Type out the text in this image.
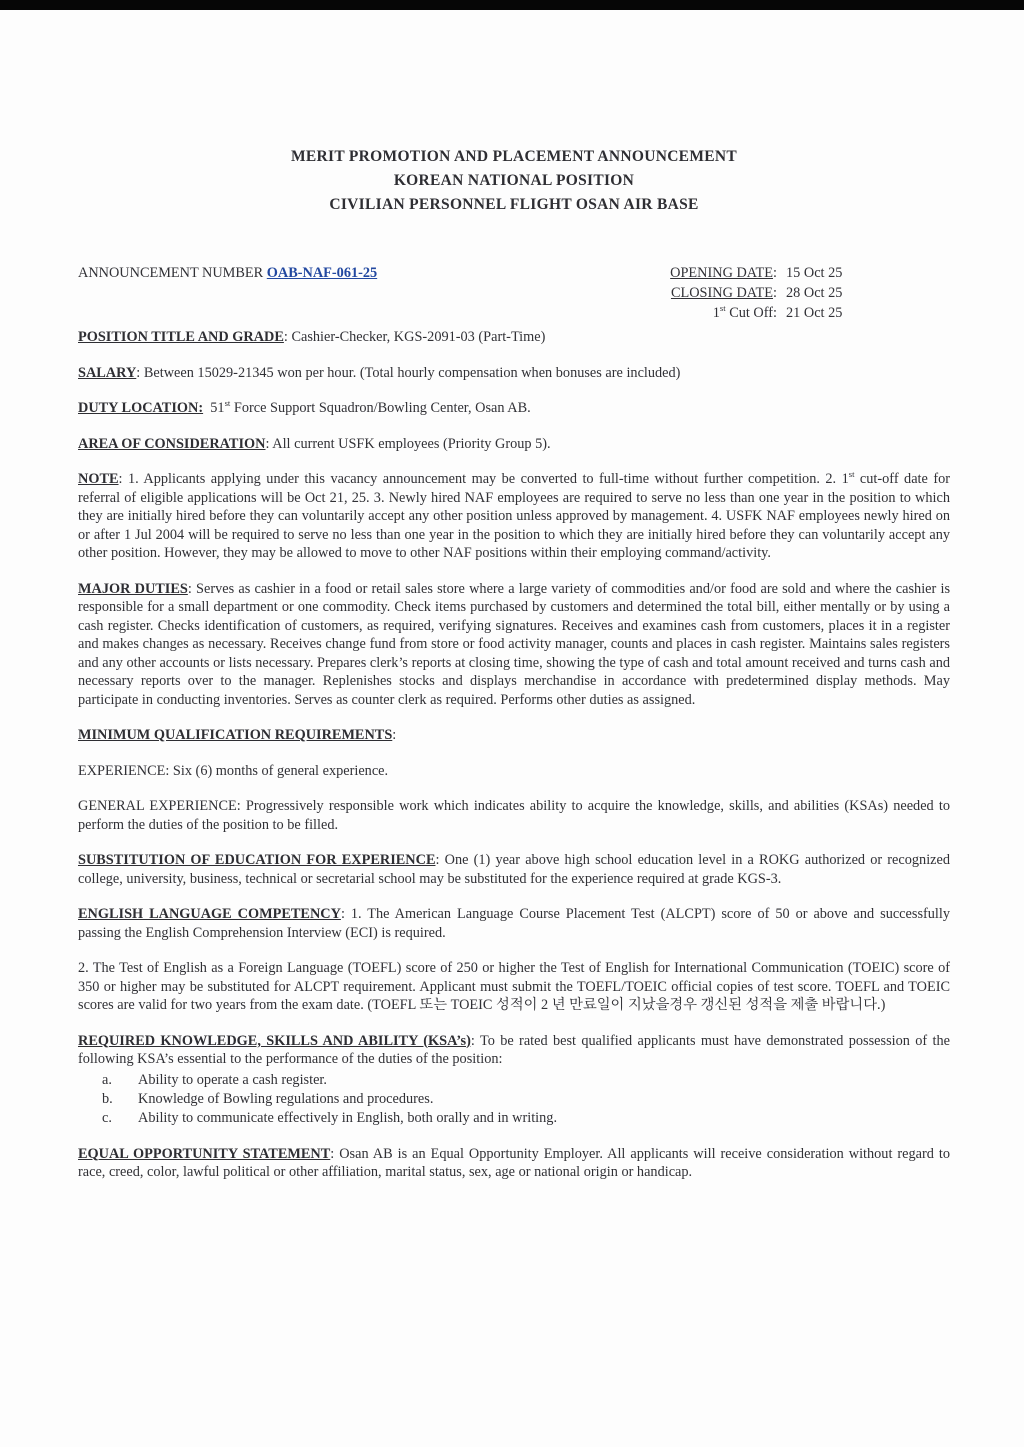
MERIT PROMOTION AND PLACEMENT ANNOUNCEMENT
KOREAN NATIONAL POSITION
CIVILIAN PERSONNEL FLIGHT OSAN AIR BASE
ANNOUNCEMENT NUMBER OAB-NAF-061-25	OPENING DATE: 15 Oct 25
CLOSING DATE: 28 Oct 25
1st Cut Off: 21 Oct 25

POSITION TITLE AND GRADE: Cashier-Checker, KGS-2091-03 (Part-Time)

SALARY: Between 15029-21345 won per hour. (Total hourly compensation when bonuses are included)

DUTY LOCATION: 51st Force Support Squadron/Bowling Center, Osan AB.

AREA OF CONSIDERATION: All current USFK employees (Priority Group 5).

NOTE: 1. Applicants applying under this vacancy announcement may be converted to full-time without further competition. 2. 1st cut-off date for referral of eligible applications will be Oct 21, 25. 3. Newly hired NAF employees are required to serve no less than one year in the position to which they are initially hired before they can voluntarily accept any other position unless approved by management. 4. USFK NAF employees newly hired on or after 1 Jul 2004 will be required to serve no less than one year in the position to which they are initially hired before they can voluntarily accept any other position. However, they may be allowed to move to other NAF positions within their employing command/activity.

MAJOR DUTIES: Serves as cashier in a food or retail sales store where a large variety of commodities and/or food are sold and where the cashier is responsible for a small department or one commodity. Check items purchased by customers and determined the total bill, either mentally or by using a cash register. Checks identification of customers, as required, verifying signatures. Receives and examines cash from customers, places it in a register and makes changes as necessary. Receives change fund from store or food activity manager, counts and places in cash register. Maintains sales registers and any other accounts or lists necessary. Prepares clerk’s reports at closing time, showing the type of cash and total amount received and turns cash and necessary reports over to the manager. Replenishes stocks and displays merchandise in accordance with predetermined display methods. May participate in conducting inventories. Serves as counter clerk as required. Performs other duties as assigned.

MINIMUM QUALIFICATION REQUIREMENTS:

EXPERIENCE: Six (6) months of general experience.

GENERAL EXPERIENCE: Progressively responsible work which indicates ability to acquire the knowledge, skills, and abilities (KSAs) needed to perform the duties of the position to be filled.

SUBSTITUTION OF EDUCATION FOR EXPERIENCE: One (1) year above high school education level in a ROKG authorized or recognized college, university, business, technical or secretarial school may be substituted for the experience required at grade KGS-3.

ENGLISH LANGUAGE COMPETENCY: 1. The American Language Course Placement Test (ALCPT) score of 50 or above and successfully passing the English Comprehension Interview (ECI) is required.

2. The Test of English as a Foreign Language (TOEFL) score of 250 or higher the Test of English for International Communication (TOEIC) score of 350 or higher may be substituted for ALCPT requirement. Applicant must submit the TOEFL/TOEIC official copies of test score. TOEFL and TOEIC scores are valid for two years from the exam date. (TOEFL 또는 TOEIC 성적이 2 년 만료일이 지났을경우 갱신된 성적을 제출 바랍니다.)

REQUIRED KNOWLEDGE, SKILLS AND ABILITY (KSA’s): To be rated best qualified applicants must have demonstrated possession of the following KSA’s essential to the performance of the duties of the position:

a.	Ability to operate a cash register.
b.	Knowledge of Bowling regulations and procedures.
c.	Ability to communicate effectively in English, both orally and in writing.

EQUAL OPPORTUNITY STATEMENT: Osan AB is an Equal Opportunity Employer. All applicants will receive consideration without regard to race, creed, color, lawful political or other affiliation, marital status, sex, age or national origin or handicap.
